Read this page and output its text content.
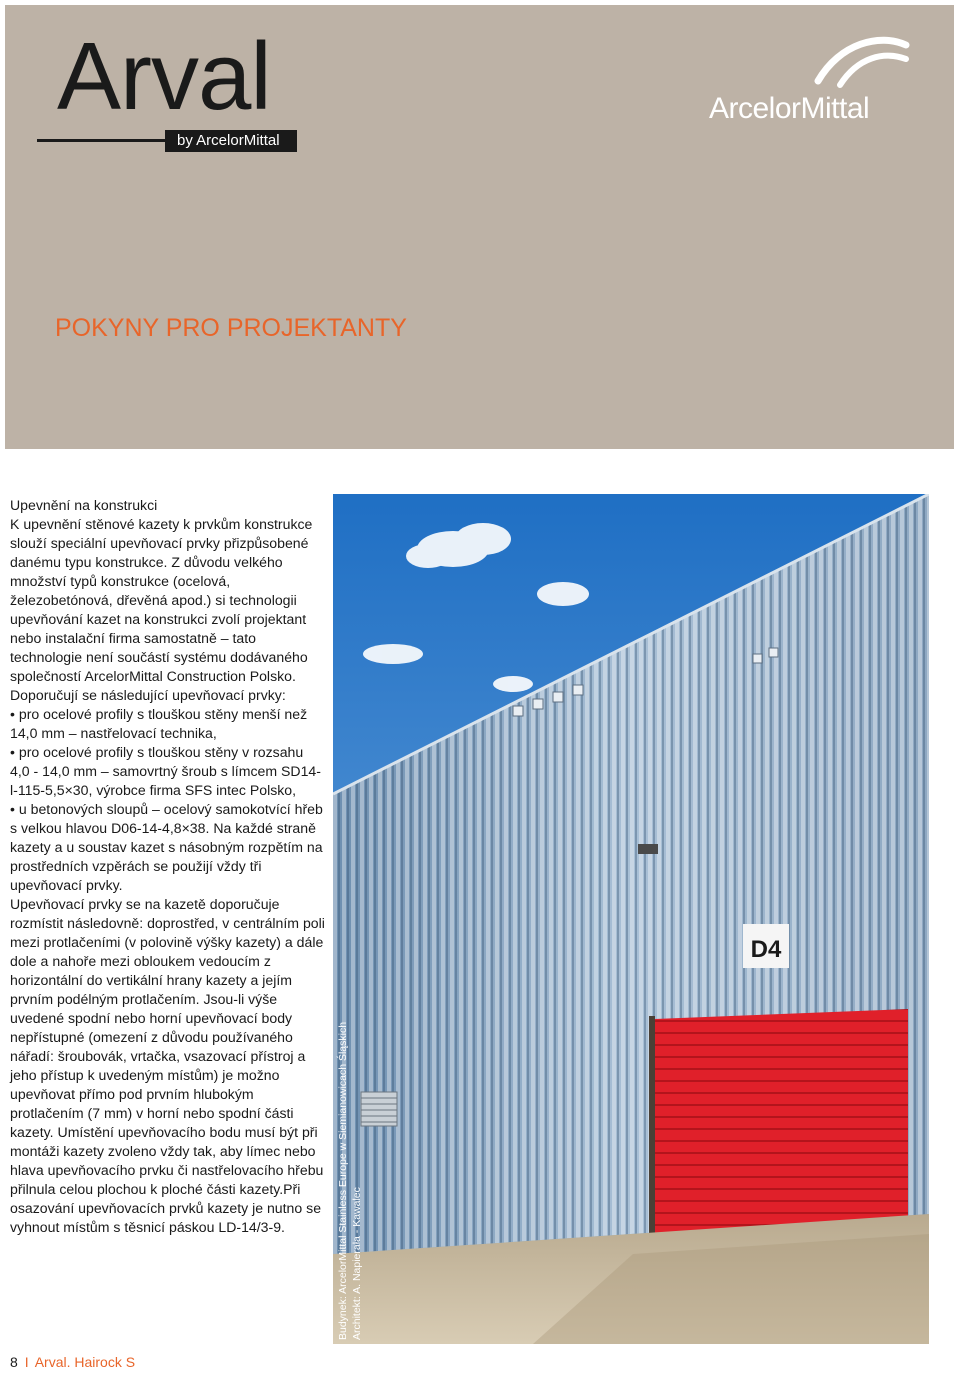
Arval
by ArcelorMittal
ArcelorMittal
POKYNY PRO PROJEKTANTY

Upevnění na konstrukci

K upevnění stěnové kazety k prvkům konstrukce slouží speciální upevňovací prvky přizpůsobené danému typu konstrukce. Z důvodu velkého množství typů konstrukce (ocelová, železobetónová, dřevěná apod.) si technologii upevňování kazet na konstrukci zvolí projektant nebo instalační firma samostatně – tato technologie není součástí systému dodávaného společností ArcelorMittal Construction Polsko.

Doporučují se následující upevňovací prvky:

• pro ocelové profily s tlouškou stěny menší než 14,0 mm – nastřelovací technika,

• pro ocelové profily s tlouškou stěny v rozsahu 4,0 - 14,0 mm – samovrtný šroub s límcem SD14-l-115-5,5×30, výrobce firma SFS intec Polsko,

• u betonových sloupů – ocelový samokotvící hřeb s velkou hlavou D06-14-4,8×38. Na každé straně kazety a u soustav kazet s násobným rozpětím na prostředních vzpěrách se použijí vždy tři upevňovací prvky.

Upevňovací prvky se na kazetě doporučuje rozmístit následovně: doprostřed, v centrálním poli mezi protlačeními (v polovině výšky kazety) a dále dole a nahoře mezi obloukem vedoucím z horizontální do vertikální hrany kazety a jejím prvním podélným protlačením. Jsou-li výše uvedené spodní nebo horní upevňovací body nepřístupné (omezení z důvodu používaného nářadí: šroubovák, vrtačka, vsazovací přístroj a jeho přístup k uvedeným místům) je možno upevňovat přímo pod prvním hlubokým protlačením (7 mm) v horní nebo spodní části kazety. Umístění upevňovacího bodu musí být při montáži kazety zvoleno vždy tak, aby límec nebo hlava upevňovacího prvku či nastřelovacího hřebu přilnula celou plochou k ploché části kazety.Při osazování upevňovacích prvků kazety je nutno se vyhnout místům s těsnicí páskou LD-14/3-9.

D4
Budynek: ArcelorMittal Stainless Europe w Siemianowicach Śląskich Architekt: A. Napierała - Kawalec
8 I Arval. Hairock S
